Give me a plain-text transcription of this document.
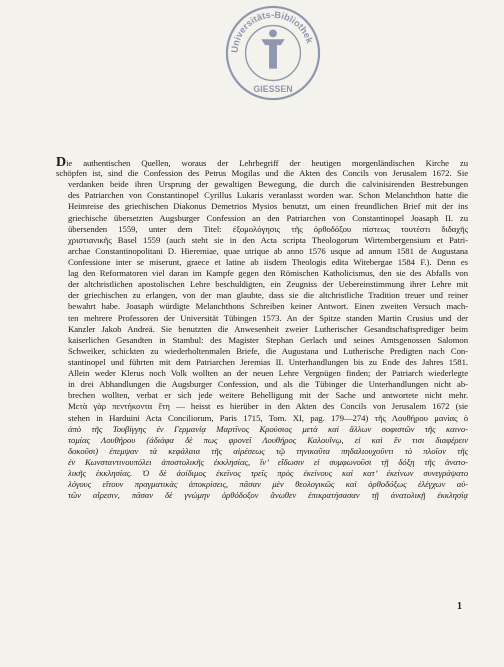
Universitäts-Bibliothek
GIESSEN
Die authentischen Quellen, woraus der Lehrbegriff der heutigen morgenländischen Kirche zu
schöpfen ist, sind die Confession des Petrus Mogilas und die Akten des Concils von Jerusalem 1672. Sie
verdanken beide ihren Ursprung der gewaltigen Bewegung, die durch die calvinisirenden Bestrebungen
des Patriarchen von Constantinopel Cyrillus Lukaris veranlasst worden war. Schon Melanchthon hatte die
Heimreise des griechischen Diakonus Demetrios Mysios benutzt, um einen freundlichen Brief mit der ins
griechische übersetzten Augsburger Confession an den Patriarchen von Constantinopel Joasaph II. zu
übersenden 1559, unter dem Titel: ἐξομολόγησις τῆς ὀρθοδόξου πίστεως τουτέστι διδαχῆς
χριστιανικῆς Basel 1559 (auch steht sie in den Acta scripta Theologorum Wirtembergensium et Patri-
archae Constantinopolitani D. Hieremiae, quae utrique ab anno 1576 usque ad annum 1581 de Augustana
Confessione inter se miserunt, graece et latine ab iisdem Theologis edita Witebergae 1584 F.). Denn es
lag den Reformatoren viel daran im Kampfe gegen den Römischen Katholicismus, den sie des Abfalls von
der altchristlichen apostolischen Lehre beschuldigten, ein Zeugniss der Uebereinstimmung ihrer Lehre mit
der griechischen zu erlangen, von der man glaubte, dass sie die altchristliche Tradition treuer und reiner
bewahrt habe. Joasaph würdigte Melanchthons Schreiben keiner Antwort. Einen zweiten Versuch mach-
ten mehrere Professoren der Universität Tübingen 1573. An der Spitze standen Martin Crusius und der
Kanzler Jakob Andreä. Sie benutzten die Anwesenheit zweier Lutherischer Gesandtschaftsprediger beim
kaiserlichen Gesandten in Stambul: des Magister Stephan Gerlach und seines Amtsgenossen Salomon
Schweiker, schickten zu wiederholtenmalen Briefe, die Augustana und Lutherische Predigten nach Con-
stantinopel und führten mit dem Patriarchen Jeremias II. Unterhandlungen bis zu Ende des Jahres 1581.
Allein weder Klerus noch Volk wollten an der neuen Lehre Vergnügen finden; der Patriarch wiederlegte
in drei Abhandlungen die Augsburger Confession, und als die Tübinger die Unterhandlungen nicht ab-
brechen wollten, verbat er sich jede weitere Behelligung mit der Sache und antwortete nicht mehr.
Μετὰ γὰρ πεντήκοντα ἔτη — heisst es hierüber in den Akten des Concils von Jerusalem 1672 (sie
stehen in Harduini Acta Conciliorum, Paris 1715, Tom. XI, pag. 179—274) τῆς Λουθήρου μανίας ὁ
ἀπὸ τῆς Τουβίγγης ἐν Γερμανίᾳ Μαρτῖνος Κρούσιος μετὰ καὶ ἄλλων σοφιστῶν τῆς καινο-
τομίας Λουθήρου (ἀδιάφα δὲ πως φρονεῖ Λουθήρος Καλουΐνῳ, εἰ καὶ ἔν τισι διαφέρειν
δοκοῦσι) ἐπεμψαν τὰ κεφάλαια τῆς αἱρέσεως τῷ τηνικαῦτα πηδαλιουχοῦντι τὸ πλοῖον τῆς
ἐν Κωνσταντινουπόλει ἀποστολικῆς ἐκκλησίας, ἵν’ εἴδωσιν εἰ συμφωνοῦσι τῇ δόξῃ τῆς ἀνατο-
λικῆς ἐκκλησίας. Ὁ δὲ ἀοίδιμος ἐκεῖνος τρεῖς πρὸς ἐκείνους καὶ κατ’ ἐκείνων συνεγράψατο
λόγους εἴτουν πραγματικὰς ἀποκρίσεις, πᾶσαν μὲν θεολογικῶς καὶ ὀρθοδόξως ἐλέγχων αὐ-
τῶν αἵρεσιν, πᾶσαν δὲ γνώμην ὀρθόδοξον ἄνωθεν ἐπικρατήσασαν τῇ ἀνατολικῇ ἐκκλησίᾳ
1
